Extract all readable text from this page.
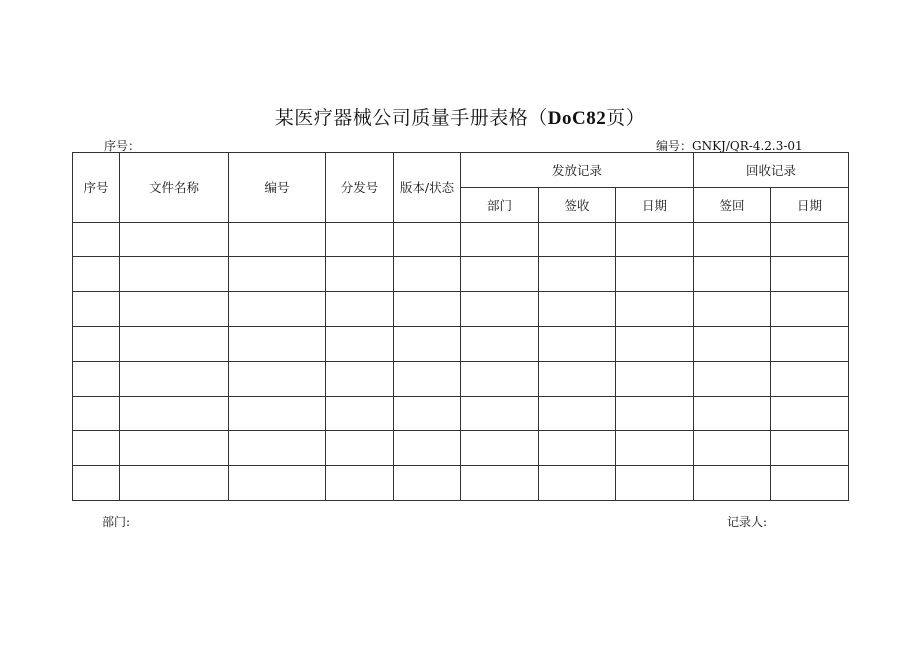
某医疗器械公司质量手册表格（DoC82页）
序号：	编号：GNKJ/QR-4.2.3-01
序号	文件名称	编号	分发号	版本/状态	发放记录			回收记录	
					部门	签收	日期	签回	日期

部门:	记录人:
